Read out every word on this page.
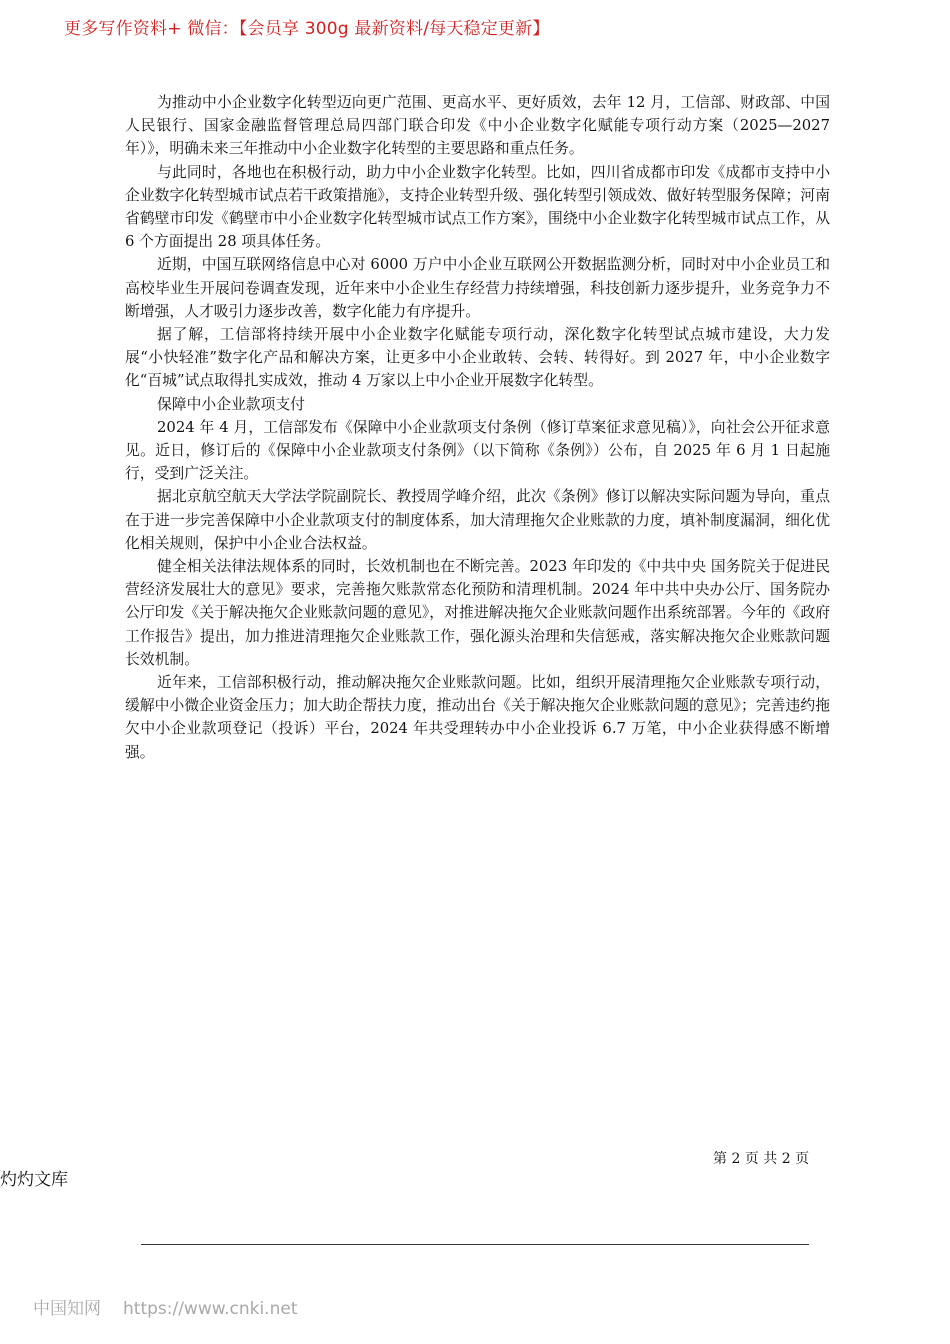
更多写作资料+ 微信：【会员享 300g 最新资料/每天稳定更新】

为推动中小企业数字化转型迈向更广范围、更高水平、更好质效，去年 12 月，工信部、财政部、中国人民银行、国家金融监督管理总局四部门联合印发《中小企业数字化赋能专项行动方案（2025—2027 年）》，明确未来三年推动中小企业数字化转型的主要思路和重点任务。

与此同时，各地也在积极行动，助力中小企业数字化转型。比如，四川省成都市印发《成都市支持中小企业数字化转型城市试点若干政策措施》，支持企业转型升级、强化转型引领成效、做好转型服务保障；河南省鹤壁市印发《鹤壁市中小企业数字化转型城市试点工作方案》，围绕中小企业数字化转型城市试点工作，从 6 个方面提出 28 项具体任务。

近期，中国互联网络信息中心对 6000 万户中小企业互联网公开数据监测分析，同时对中小企业员工和高校毕业生开展问卷调查发现，近年来中小企业生存经营力持续增强，科技创新力逐步提升，业务竞争力不断增强，人才吸引力逐步改善，数字化能力有序提升。

据了解，工信部将持续开展中小企业数字化赋能专项行动，深化数字化转型试点城市建设，大力发展“小快轻准”数字化产品和解决方案，让更多中小企业敢转、会转、转得好。到 2027 年，中小企业数字化“百城”试点取得扎实成效，推动 4 万家以上中小企业开展数字化转型。

保障中小企业款项支付

2024 年 4 月，工信部发布《保障中小企业款项支付条例（修订草案征求意见稿）》，向社会公开征求意见。近日，修订后的《保障中小企业款项支付条例》（以下简称《条例》）公布，自 2025 年 6 月 1 日起施行，受到广泛关注。

据北京航空航天大学法学院副院长、教授周学峰介绍，此次《条例》修订以解决实际问题为导向，重点在于进一步完善保障中小企业款项支付的制度体系，加大清理拖欠企业账款的力度，填补制度漏洞，细化优化相关规则，保护中小企业合法权益。

健全相关法律法规体系的同时，长效机制也在不断完善。2023 年印发的《中共中央 国务院关于促进民营经济发展壮大的意见》要求，完善拖欠账款常态化预防和清理机制。2024 年中共中央办公厅、国务院办公厅印发《关于解决拖欠企业账款问题的意见》，对推进解决拖欠企业账款问题作出系统部署。今年的《政府工作报告》提出，加力推进清理拖欠企业账款工作，强化源头治理和失信惩戒，落实解决拖欠企业账款问题长效机制。

近年来，工信部积极行动，推动解决拖欠企业账款问题。比如，组织开展清理拖欠企业账款专项行动，缓解中小微企业资金压力；加大助企帮扶力度，推动出台《关于解决拖欠企业账款问题的意见》；完善违约拖欠中小企业款项登记（投诉）平台，2024 年共受理转办中小企业投诉 6.7 万笔，中小企业获得感不断增强。

第 2 页 共 2 页
灼灼文库
中国知网 https://www.cnki.net
